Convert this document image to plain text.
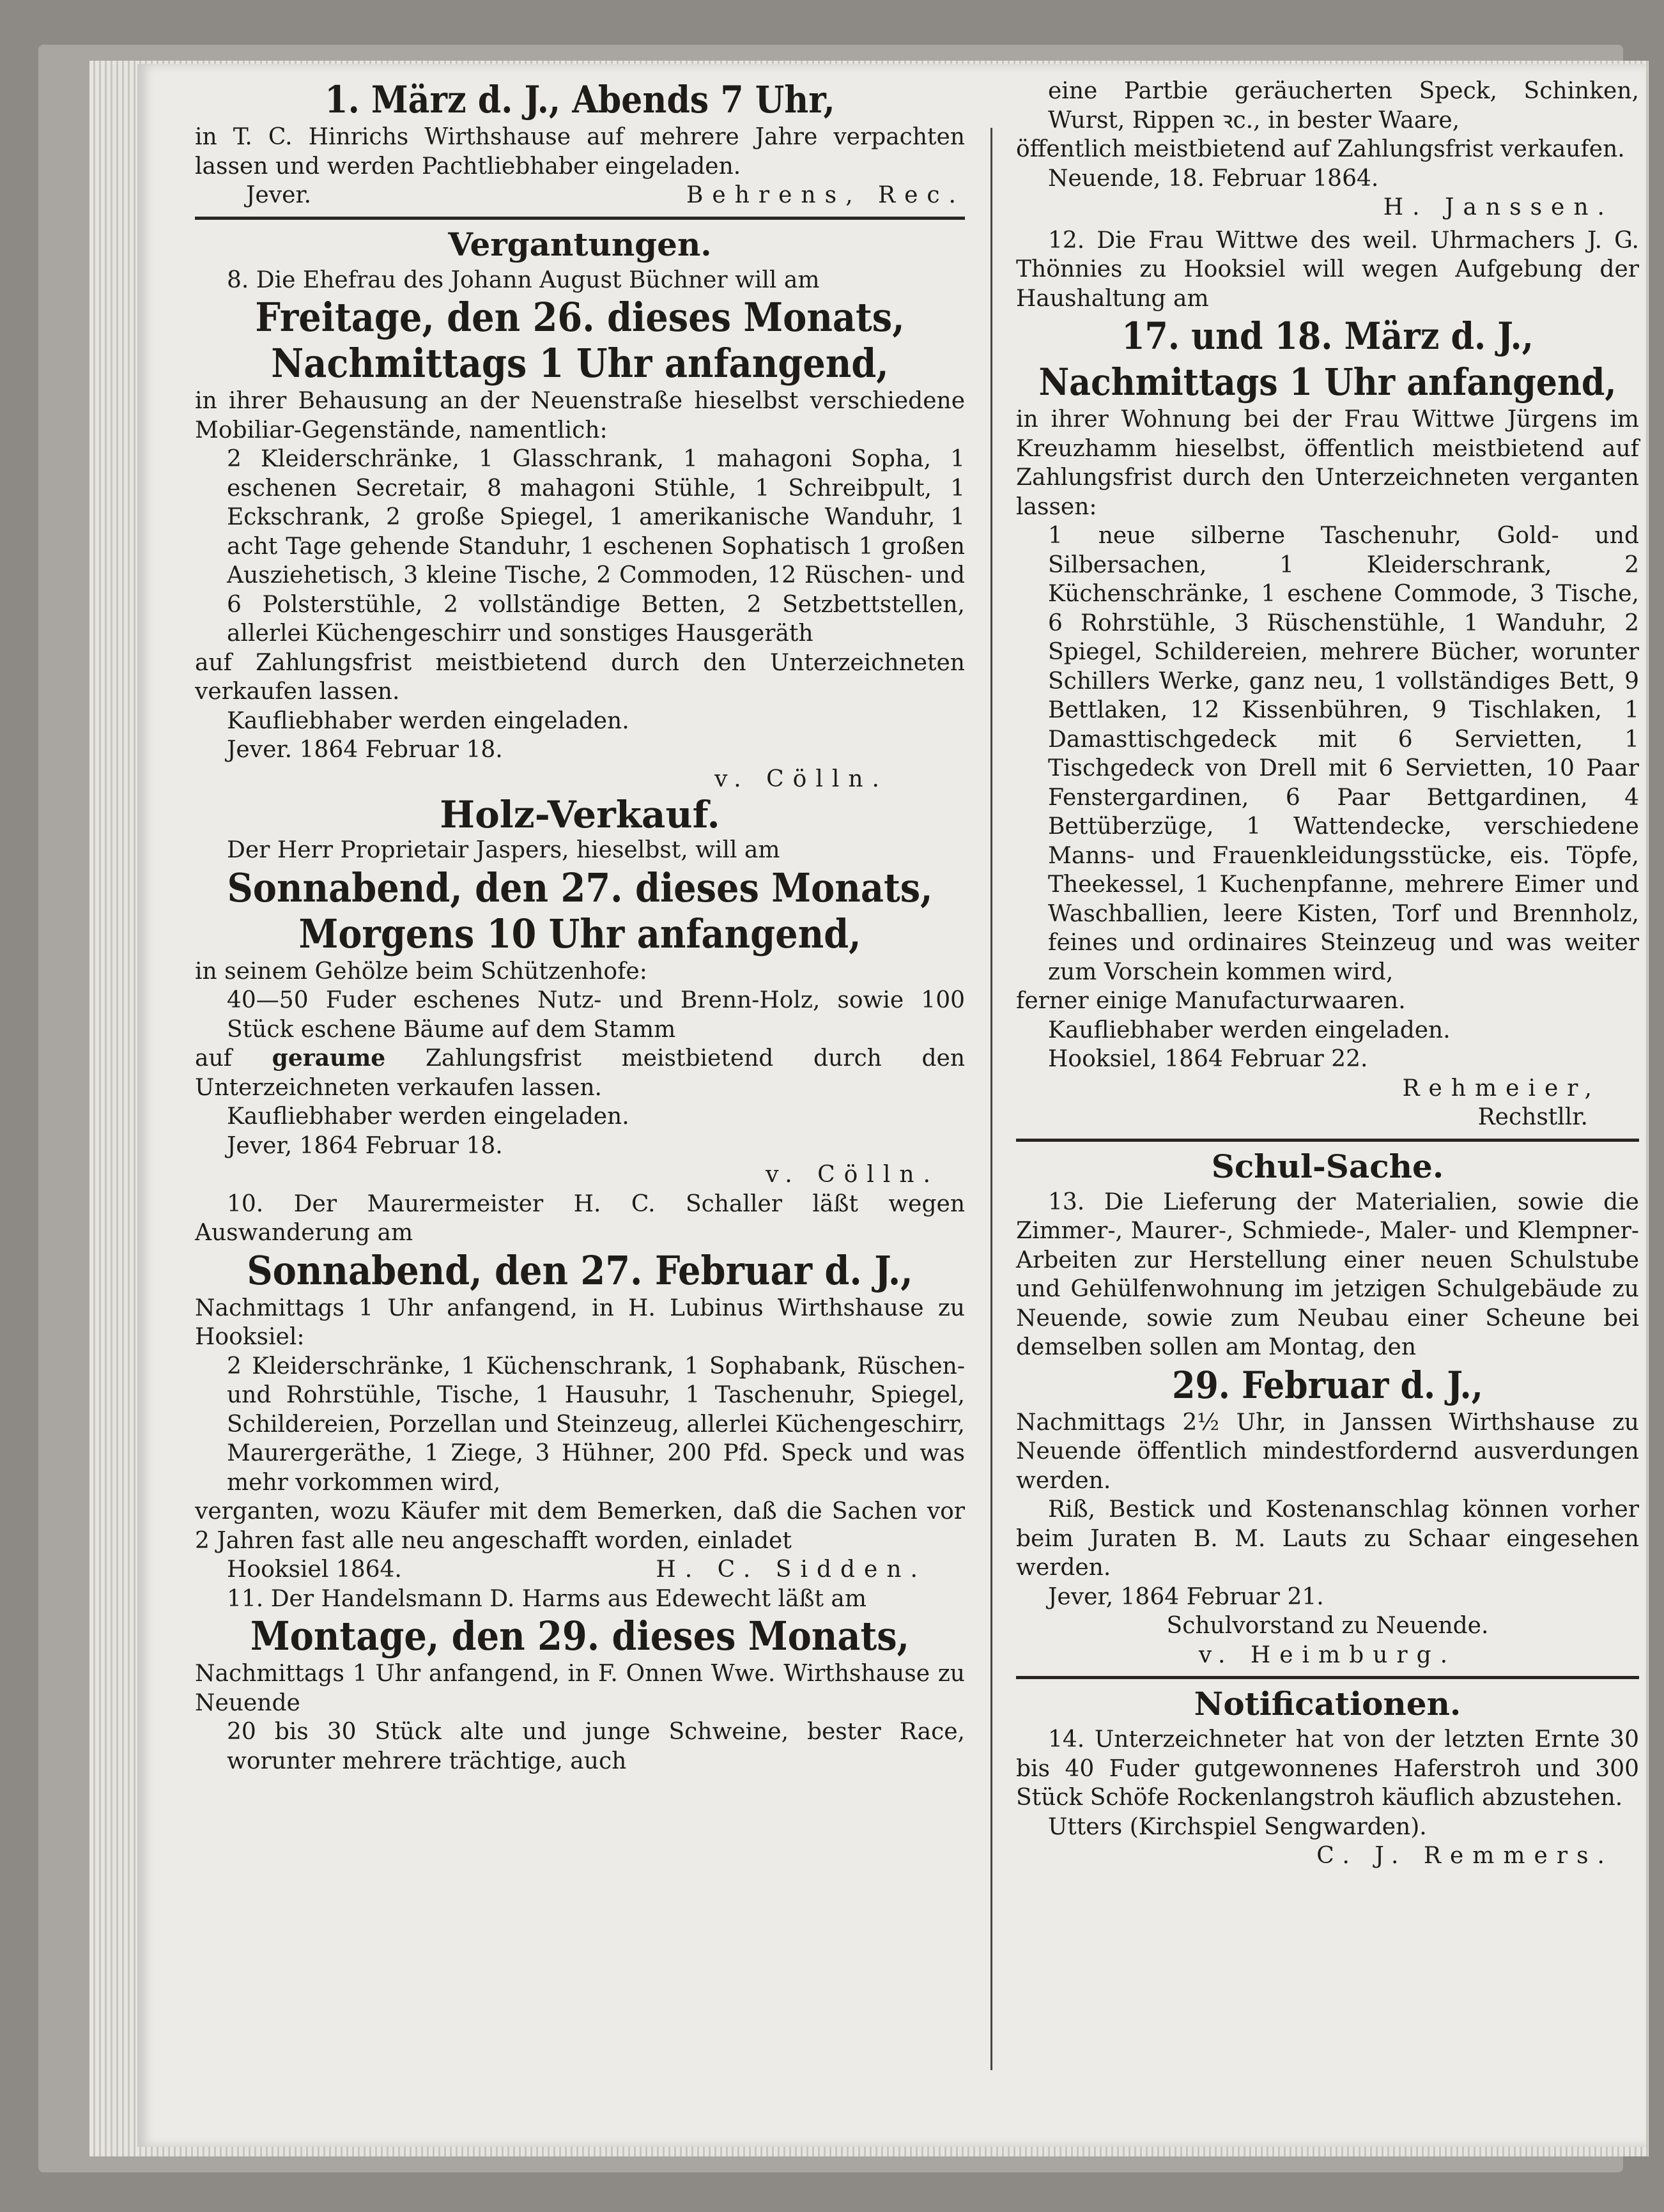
1. März d. J., Abends 7 Uhr,

in T. C. Hinrichs Wirthshause auf mehrere Jahre verpachten lassen und werden Pachtliebhaber eingeladen.

Jever.	Behrens, Rec.

Vergantungen.

8. Die Ehefrau des Johann August Büchner will am

Freitage, den 26. dieses Monats,

Nachmittags 1 Uhr anfangend,

in ihrer Behausung an der Neuenstraße hieselbst verschiedene Mobiliar-Gegenstände, namentlich:

2 Kleiderschränke, 1 Glasschrank, 1 mahagoni Sopha, 1 eschenen Secretair, 8 mahagoni Stühle, 1 Schreibpult, 1 Eckschrank, 2 große Spiegel, 1 amerikanische Wanduhr, 1 acht Tage gehende Standuhr, 1 eschenen Sophatisch 1 großen Ausziehetisch, 3 kleine Tische, 2 Commoden, 12 Rüschen- und 6 Polsterstühle, 2 vollständige Betten, 2 Setzbettstellen, allerlei Küchengeschirr und sonstiges Hausgeräth

auf Zahlungsfrist meistbietend durch den Unterzeichneten verkaufen lassen.

Kaufliebhaber werden eingeladen.

Jever. 1864 Februar 18.

v. Cölln.

Holz-Verkauf.

Der Herr Proprietair Jaspers, hieselbst, will am

Sonnabend, den 27. dieses Monats,

Morgens 10 Uhr anfangend,

in seinem Gehölze beim Schützenhofe:

40—50 Fuder eschenes Nutz- und Brenn-Holz, sowie 100 Stück eschene Bäume auf dem Stamm

auf geraume Zahlungsfrist meistbietend durch den Unterzeichneten verkaufen lassen.

Kaufliebhaber werden eingeladen.

Jever, 1864 Februar 18.

v. Cölln.

10. Der Maurermeister H. C. Schaller läßt wegen Auswanderung am

Sonnabend, den 27. Februar d. J.,

Nachmittags 1 Uhr anfangend, in H. Lubinus Wirthshause zu Hooksiel:

2 Kleiderschränke, 1 Küchenschrank, 1 Sophabank, Rüschen- und Rohrstühle, Tische, 1 Hausuhr, 1 Taschenuhr, Spiegel, Schildereien, Porzellan und Steinzeug, allerlei Küchengeschirr, Maurergeräthe, 1 Ziege, 3 Hühner, 200 Pfd. Speck und was mehr vorkommen wird,

verganten, wozu Käufer mit dem Bemerken, daß die Sachen vor 2 Jahren fast alle neu angeschafft worden, einladet

Hooksiel 1864.	H. C. Sidden.

11. Der Handelsmann D. Harms aus Edewecht läßt am

Montage, den 29. dieses Monats,

Nachmittags 1 Uhr anfangend, in F. Onnen Wwe. Wirthshause zu Neuende

20 bis 30 Stück alte und junge Schweine, bester Race, worunter mehrere trächtige, auch

eine Partbie geräucherten Speck, Schinken, Wurst, Rippen ꝛc., in bester Waare,

öffentlich meistbietend auf Zahlungsfrist verkaufen.

Neuende, 18. Februar 1864.

H. Janssen.

12. Die Frau Wittwe des weil. Uhrmachers J. G. Thönnies zu Hooksiel will wegen Aufgebung der Haushaltung am

17. und 18. März d. J.,

Nachmittags 1 Uhr anfangend,

in ihrer Wohnung bei der Frau Wittwe Jürgens im Kreuzhamm hieselbst, öffentlich meistbietend auf Zahlungsfrist durch den Unterzeichneten verganten lassen:

1 neue silberne Taschenuhr, Gold- und Silbersachen, 1 Kleiderschrank, 2 Küchenschränke, 1 eschene Commode, 3 Tische, 6 Rohrstühle, 3 Rüschenstühle, 1 Wanduhr, 2 Spiegel, Schildereien, mehrere Bücher, worunter Schillers Werke, ganz neu, 1 vollständiges Bett, 9 Bettlaken, 12 Kissenbühren, 9 Tischlaken, 1 Damasttischgedeck mit 6 Servietten, 1 Tischgedeck von Drell mit 6 Servietten, 10 Paar Fenstergardinen, 6 Paar Bettgardinen, 4 Bettüberzüge, 1 Wattendecke, verschiedene Manns- und Frauenkleidungsstücke, eis. Töpfe, Theekessel, 1 Kuchenpfanne, mehrere Eimer und Waschballien, leere Kisten, Torf und Brennholz, feines und ordinaires Steinzeug und was weiter zum Vorschein kommen wird,

ferner einige Manufacturwaaren.

Kaufliebhaber werden eingeladen.

Hooksiel, 1864 Februar 22.

Rehmeier,

Rechstllr.

Schul-Sache.

13. Die Lieferung der Materialien, sowie die Zimmer-, Maurer-, Schmiede-, Maler- und Klempner-Arbeiten zur Herstellung einer neuen Schulstube und Gehülfenwohnung im jetzigen Schulgebäude zu Neuende, sowie zum Neubau einer Scheune bei demselben sollen am Montag, den

29. Februar d. J.,

Nachmittags 2½ Uhr, in Janssen Wirthshause zu Neuende öffentlich mindestfordernd ausverdungen werden.

Riß, Bestick und Kostenanschlag können vorher beim Juraten B. M. Lauts zu Schaar eingesehen werden.

Jever, 1864 Februar 21.

Schulvorstand zu Neuende.

v. Heimburg.

Notificationen.

14. Unterzeichneter hat von der letzten Ernte 30 bis 40 Fuder gutgewonnenes Haferstroh und 300 Stück Schöfe Rockenlangstroh käuflich abzustehen.

Utters (Kirchspiel Sengwarden).

C. J. Remmers.
